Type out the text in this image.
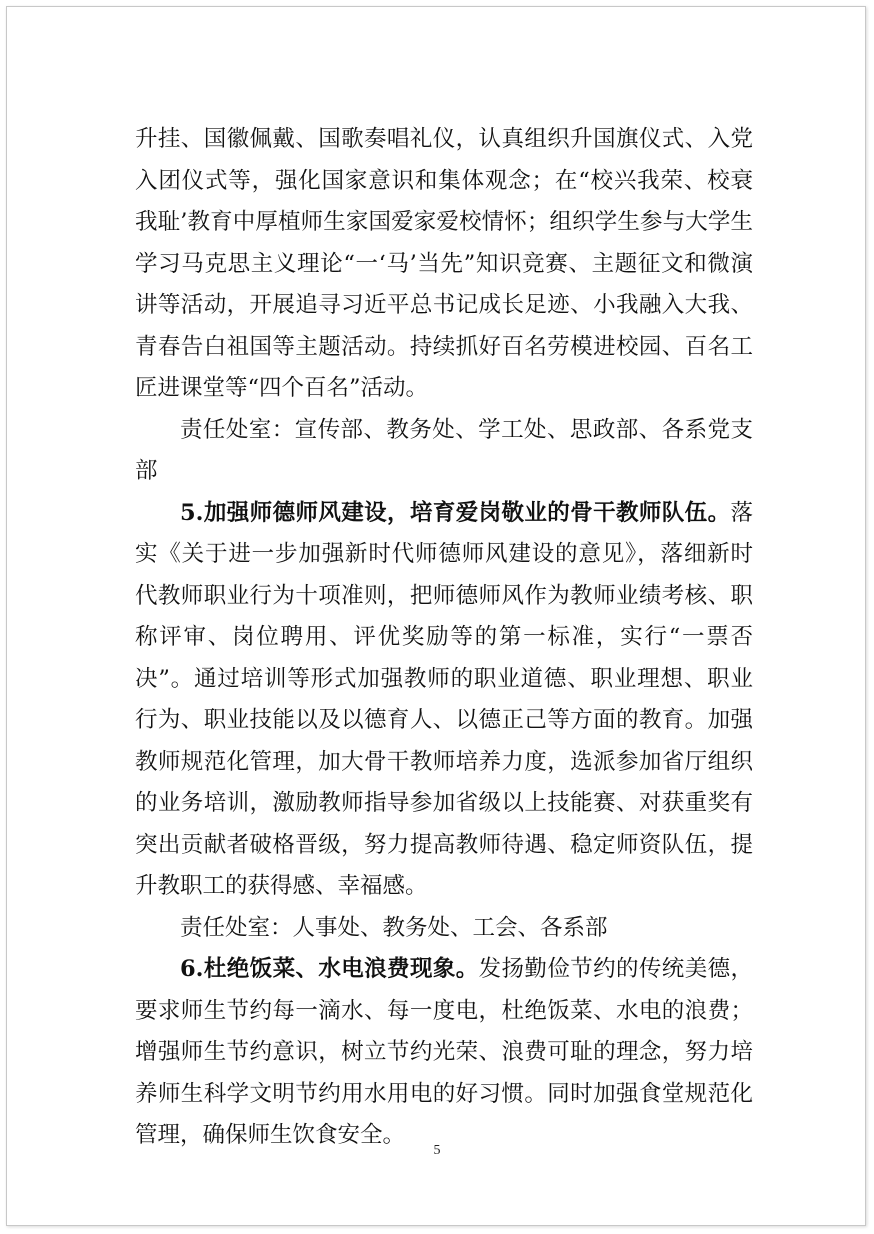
升挂、国徽佩戴、国歌奏唱礼仪，认真组织升国旗仪式、入党入团仪式等，强化国家意识和集体观念；在“校兴我荣、校衰我耻’教育中厚植师生家国爱家爱校情怀；组织学生参与大学生学习马克思主义理论“一‘马’当先”知识竞赛、主题征文和微演讲等活动，开展追寻习近平总书记成长足迹、小我融入大我、青春告白祖国等主题活动。持续抓好百名劳模进校园、百名工匠进课堂等“四个百名”活动。

责任处室：宣传部、教务处、学工处、思政部、各系党支部

5.加强师德师风建设，培育爱岗敬业的骨干教师队伍。落实《关于进一步加强新时代师德师风建设的意见》，落细新时代教师职业行为十项准则，把师德师风作为教师业绩考核、职称评审、岗位聘用、评优奖励等的第一标准，实行“一票否决”。通过培训等形式加强教师的职业道德、职业理想、职业行为、职业技能以及以德育人、以德正己等方面的教育。加强教师规范化管理，加大骨干教师培养力度，选派参加省厅组织的业务培训，激励教师指导参加省级以上技能赛、对获重奖有突出贡献者破格晋级，努力提高教师待遇、稳定师资队伍，提升教职工的获得感、幸福感。

责任处室：人事处、教务处、工会、各系部

6.杜绝饭菜、水电浪费现象。发扬勤俭节约的传统美德，要求师生节约每一滴水、每一度电，杜绝饭菜、水电的浪费；增强师生节约意识，树立节约光荣、浪费可耻的理念，努力培养师生科学文明节约用水用电的好习惯。同时加强食堂规范化管理，确保师生饮食安全。

5
